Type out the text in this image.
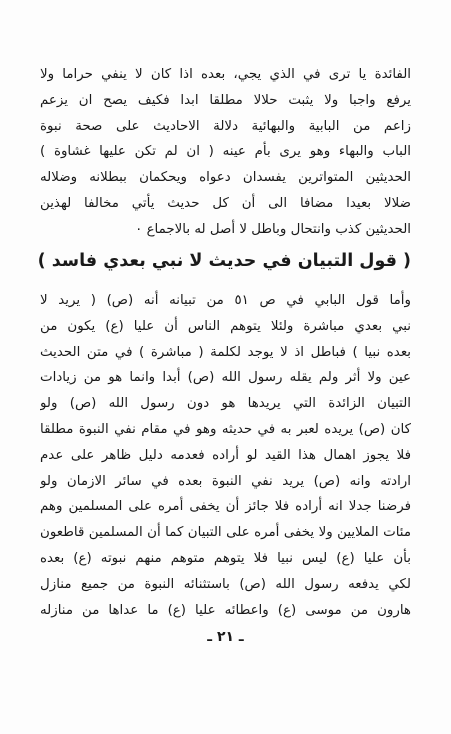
الفائدة يا ترى في الذي يجي، بعده اذا كان لا ينفي حراما ولا
يرفع واجبا ولا يثبت حلالا مطلقا ابدا فكيف يصح ان يزعم
زاعم من البابية والبهائية دلالة الاحاديث على صحة نبوة
الباب والبهاء وهو يرى بأم عينه ( ان لم تكن عليها غشاوة )
الحديثين المتواترين يفسدان دعواه ويحكمان ببطلانه وضلاله
ضلالا بعيدا مضافا الى أن كل حديث يأتي مخالفا لهذين
الحديثين كذب وانتحال وباطل لا أصل له بالاجماع ٠
( قول التبيان في حديث لا نبي بعدي فاسد )
وأما قول البابي في ص ٥١ من تبيانه أنه (ص) ( يريد لا
نبي بعدي مباشرة ولئلا يتوهم الناس أن عليا (ع) يكون من
بعده نبيا ) فباطل اذ لا يوجد لكلمة ( مباشرة ) في متن الحديث
عين ولا أثر ولم يقله رسول الله (ص) أبدا وانما هو من زيادات
التبيان الزائدة التي يريدها هو دون رسول الله (ص) ولو
كان (ص) يريده لعبر به في حديثه وهو في مقام نفي النبوة مطلقا
فلا يجوز اهمال هذا القيد لو أراده فعدمه دليل ظاهر على عدم
ارادته وانه (ص) يريد نفي النبوة بعده في سائر الازمان ولو
فرضنا جدلا انه أراده فلا جائز أن يخفى أمره على المسلمين وهم
مئات الملايين ولا يخفى أمره على التبيان كما أن المسلمين قاطعون
بأن عليا (ع) ليس نبيا فلا يتوهم متوهم منهم نبوته (ع) بعده
لكي يدفعه رسول الله (ص) باستثنائه النبوة من جميع منازل
هارون من موسى (ع) واعطائه عليا (ع) ما عداها من منازله
ـ ٢١ ـ
